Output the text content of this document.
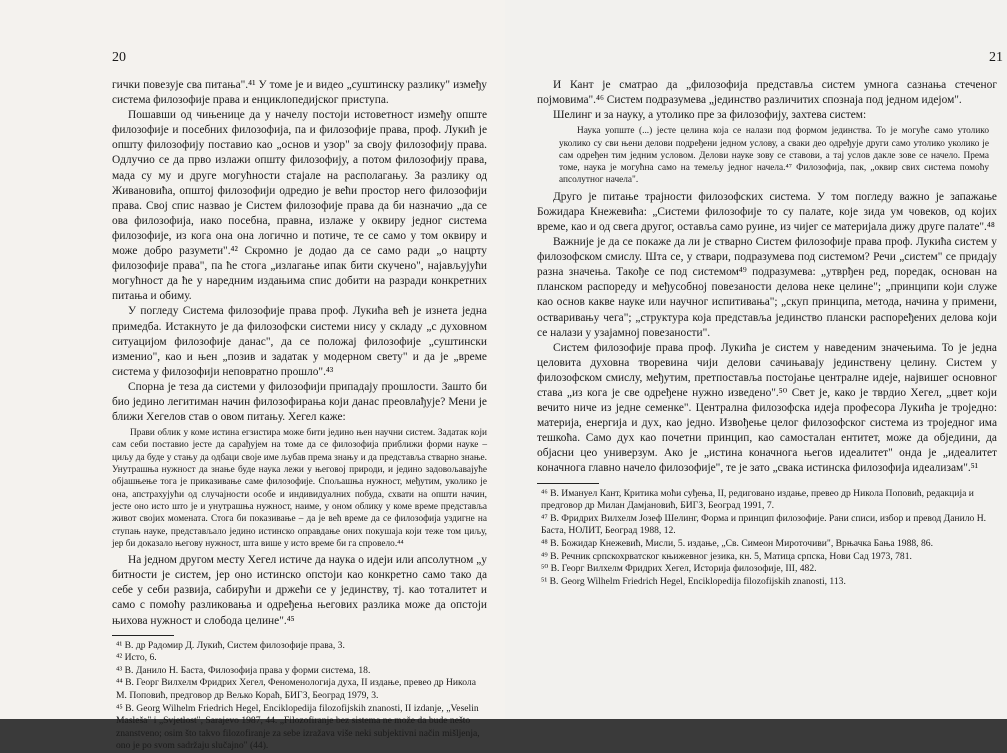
20

гички повезује сва питања".⁴¹ У томе је и видео „суштинску разлику" између система филозофије права и енциклопедијског приступа.

Пошавши од чињенице да у начелу постоји истоветност између опште филозофије и посебних филозофија, па и филозофије права, проф. Лукић је општу филозофију поставио као „основ и узор" за своју филозофију права. Одлучио се да прво излажи општу филозофију, а потом филозофију права, мада су му и друге могућности стајале на располагању. За разлику од Живановића, општој филозофији одредио је већи простор него филозофији права. Свој спис назвао је Систем филозофије права да би назначио „да се ова филозофија, иако посебна, правна, излаже у оквиру једног система филозофије, из кога она она логично и потиче, те се само у том оквиру и може добро разумети".⁴² Скромно је додао да се само ради „о нацрту филозофије права", па ће стога „излагање ипак бити скучено", најављујући могућност да ће у наредним издањима спис добити на разради конкретних питања и обиму.

У погледу Система филозофије права проф. Лукића већ је изнета једна примедба. Истакнуто је да филозофски системи нису у складу „с духовном ситуацијом филозофије данас", да се положај филозофије „суштински изменио", као и њен „позив и задатак у модерном свету" и да је „време система у филозофији неповратно прошло".⁴³

Спорна је теза да системи у филозофији припадају прошлости. Зашто би био једино легитиман начин филозофирања који данас преовлађује? Мени је ближи Хегелов став о овом питању. Хегел каже:

Прави облик у коме истина егзистира може бити једино њен научни систем. Задатак који сам себи поставио јесте да сарађујем на томе да се филозофија приближи форми науке – циљу да буде у стању да одбаци своје име љубав према знању и да представља стварно знање. Унутрашња нужност да знање буде наука лежи у његовој природи, и једино задовољавајуће објашњење тога је приказивање саме филозофије. Спољашња нужност, међутим, уколико је она, апстрахујући од случајности особе и индивидуалних побуда, схвати на општи начин, јесте оно исто што је и унутрашња нужност, наиме, у оном облику у коме време представља живот својих момената. Стога би показивање – да је већ време да се филозофија уздигне на ступањ науке, представљало једино истинско оправдање оних покушаја који теже том циљу, јер би доказало његову нужност, шта више у исто време би га спровело.⁴⁴

На једном другом месту Хегел истиче да наука о идеји или апсолутном „у битности је систем, јер оно истинско опстоји као конкретно само тако да себе у себи развија, сабирући и држећи се у јединству, тј. као тоталитет и само с помоћу разликовања и одређења његових разлика може да опстоји њихова нужност и слобода целине".⁴⁵

⁴¹ В. др Радомир Д. Лукић, Систем филозофије права, 3.

⁴² Исто, 6.

⁴³ В. Данило Н. Баста, Филозофија права у форми система, 18.

⁴⁴ В. Георг Вилхелм Фридрих Хегел, Феноменологија духа, II издање, превео др Никола М. Поповић, предговор др Вељко Кораћ, БИГЗ, Београд 1979, 3.

⁴⁵ В. Georg Wilhelm Friedrich Hegel, Enciklopedija filozofijskih znanosti, II izdanje, „Veselin Masleša" i „Svjetlost", Sarajevo 1987, 44. „Filozofiranje bez sistema ne može da bude nešto znanstveno; osim što takvo filozofiranje za sebe izražava više neki subjektivni način mišljenja, ono je po svom sadržaju slučajno" (44).

21

И Кант је сматрао да „филозофија представља систем умнога сазнања стеченог појмовима".⁴⁶ Систем подразумева „јединство различитих спознаја под једном идејом".

Шелинг и за науку, а утолико пре за филозофију, захтева систем:

Наука уопште (...) јесте целина која се налази под формом јединства. То је могуће само утолико уколико су сви њени делови подређени једном услову, а сваки део одређује други само утолико уколико је сам одређен тим једним условом. Делови науке зову се ставови, а тај услов дакле зове се начело. Према томе, наука је могућна само на темељу једног начела.⁴⁷ Филозофија, пак, „оквир свих система помоћу апсолутног начела".

Друго је питање трајности филозофских система. У том погледу важно је запажање Божидара Кнежевића: „Системи филозофије то су палате, које зида ум човеков, од којих време, као и од свега другог, оставља само руине, из чијег се материјала дижу друге палате".⁴⁸

Важније је да се покаже да ли је стварно Систем филозофије права проф. Лукића систем у филозофском смислу. Шта се, у ствари, подразумева под системом? Речи „систем" се придају разна значења. Такође се под системом⁴⁹ подразумева: „утврђен ред, поредак, основан на планском распореду и међусобној повезаности делова неке целине"; „принципи који служе као основ какве науке или научног испитивања"; „скуп принципа, метода, начина у примени, остваривању чега"; „структура која представља јединство плански распоређених делова који се налази у узајамној повезаности".

Систем филозофије права проф. Лукића је систем у наведеним значењима. То је једна целовита духовна творевина чији делови сачињавају јединствену целину. Систем у филозофском смислу, међутим, претпоставља постојање централне идеје, највишег основног става „из кога је све одређене нужно изведено".⁵⁰ Свет је, како је тврдио Хегел, „цвет који вечито ниче из једне семенке". Централна филозофска идеја професора Лукића је троједно: материја, енергија и дух, као једно. Извођење целог филозофског система из троједног има тешкоћа. Само дух као почетни принцип, као самосталан ентитет, може да обједини, да објасни цео универзум. Ако је „истина коначнога његов идеалитет" онда је „идеалитет коначнога главно начело филозофије", те је зато „свака истинска филозофија идеализам".⁵¹

⁴⁶ В. Имануел Кант, Критика моћи суђења, II, редиговано издање, превео др Никола Поповић, редакција и предговор др Милан Дамјановић, БИГЗ, Београд 1991, 7.

⁴⁷ В. Фридрих Вилхелм Јозеф Шелинг, Форма и принцип филозофије. Рани списи, избор и превод Данило Н. Баста, НОЛИТ, Београд 1988, 12.

⁴⁸ В. Божидар Кнежевић, Мисли, 5. издање, „Св. Симеон Мироточиви", Врњачка Бања 1988, 86.

⁴⁹ В. Речник српскохрватског књижевног језика, кн. 5, Матица српска, Нови Сад 1973, 781.

⁵⁰ В. Георг Вилхелм Фридрих Хегел, Историја филозофије, III, 482.

⁵¹ В. Georg Wilhelm Friedrich Hegel, Enciklopedija filozofijskih znanosti, 113.
